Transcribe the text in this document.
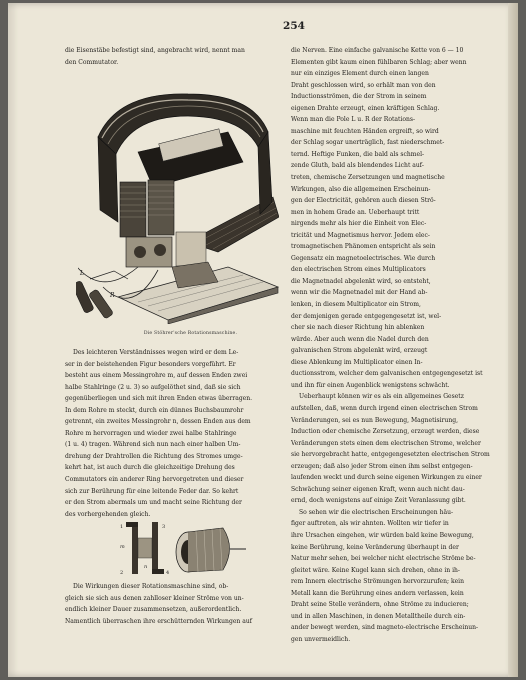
254

die Eisenstäbe befestigt sind, angebracht wird, nennt man

den Commutator.

L
R
Die Stöhrer'sche Rotationsmaschine.

Des leichteren Verständnisses wegen wird er dem Le-

ser in der beistehenden Figur besonders vorgeführt. Er

besteht aus einem Messingrohre m, auf dessen Enden zwei

halbe Stahlringe (2 u. 3) so aufgelöthet sind, daß sie sich

gegenüberliegen und sich mit ihren Enden etwas überragen.

In dem Rohre m steckt, durch ein dünnes Buchsbaumrohr

getrennt, ein zweites Messingrohr n, dessen Enden aus dem

Rohre m hervorragen und wieder zwei halbe Stahlringe

(1 u. 4) tragen. Während sich nun nach einer halben Um-

drehung der Drahtrollen die Richtung des Stromes umge-

kehrt hat, ist auch durch die gleichzeitige Drehung des

Commutators ein anderer Ring hervorgetreten und dieser

sich zur Berührung für eine leitende Feder dar. So kehrt

er den Strom abermals um und macht seine Richtung der

des vorhergehenden gleich.

1
m
2
3
n
4

Die Wirkungen dieser Rotationsmaschine sind, ob-

gleich sie sich aus denen zahlloser kleiner Ströme von un-

endlich kleiner Dauer zusammensetzen, außerordentlich.

Namentlich überraschen ihre erschütternden Wirkungen auf

die Nerven. Eine einfache galvanische Kette von 6 — 10

Elementen gibt kaum einen fühlbaren Schlag; aber wenn

nur ein einziges Element durch einen langen

Draht geschlossen wird, so erhält man von den

Inductionsströmen, die der Strom in seinem

eigenen Drahte erzeugt, einen kräftigen Schlag.

Wenn man die Pole L u. R der Rotations-

maschine mit feuchten Händen ergreift, so wird

der Schlag sogar unerträglich, fast niederschmet-

ternd. Heftige Funken, die bald als schmel-

zende Gluth, bald als blendendes Licht auf-

treten, chemische Zersetzungen und magnetische

Wirkungen, also die allgemeinen Erscheinun-

gen der Electricität, gehören auch diesen Strö-

men in hohem Grade an. Ueberhaupt tritt

nirgends mehr als hier die Einheit von Elec-

tricität und Magnetismus hervor. Jedem elec-

tromagnetischen Phänomen entspricht als sein

Gegensatz ein magnetoelectrisches. Wie durch

den electrischen Strom eines Multiplicators

die Magnetnadel abgelenkt wird, so entsteht,

wenn wir die Magnetnadel mit der Hand ab-

lenken, in diesem Multiplicator ein Strom,

der demjenigen gerade entgegengesetzt ist, wel-

cher sie nach dieser Richtung hin ablenken

würde. Aber auch wenn die Nadel durch den

galvanischen Strom abgelenkt wird, erzeugt

diese Ablenkung im Multiplicator einen In-

ductionsstrom, welcher dem galvanischen entgegengesetzt ist

und ihn für einen Augenblick wenigstens schwächt.

Ueberhaupt können wir es als ein allgemeines Gesetz

aufstellen, daß, wenn durch irgend einen electrischen Strom

Veränderungen, sei es nun Bewegung, Magnetisirung,

Induction oder chemische Zersetzung, erzeugt werden, diese

Veränderungen stets einen dem electrischen Strome, welcher

sie hervorgebracht hatte, entgegengesetzten electrischen Strom

erzeugen; daß also jeder Strom einen ihm selbst entgegen-

laufenden weckt und durch seine eigenen Wirkungen zu einer

Schwächung seiner eigenen Kraft, wenn auch nicht dau-

ernd, doch wenigstens auf einige Zeit Veranlassung gibt.

So sehen wir die electrischen Erscheinungen häu-

figer auftreten, als wir ahnten. Wollten wir tiefer in

ihre Ursachen eingehen, wir würden bald keine Bewegung,

keine Berührung, keine Veränderung überhaupt in der

Natur mehr sehen, bei welcher nicht electrische Ströme be-

gleitet wäre. Keine Kugel kann sich drehen, ohne in ih-

rem Innern electrische Strömungen hervorzurufen; kein

Metall kann die Berührung eines andern verlassen, kein

Draht seine Stelle verändern, ohne Ströme zu inducieren;

und in allen Maschinen, in denen Metalltheile durch ein-

ander bewegt werden, sind magneto-electrische Erscheinun-

gen unvermeidlich.
